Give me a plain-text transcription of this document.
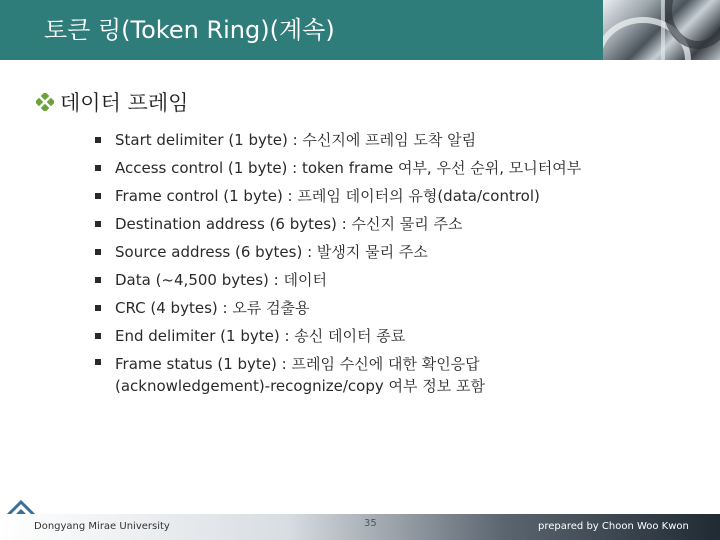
토큰 링(Token Ring)(계속)
데이터 프레임
Start delimiter (1 byte) : 수신지에 프레임 도착 알림
Access control (1 byte) : token frame 여부, 우선 순위, 모니터여부
Frame control (1 byte) : 프레임 데이터의 유형(data/control)
Destination address (6 bytes) : 수신지 물리 주소
Source address (6 bytes) : 발생지 물리 주소
Data (~4,500 bytes) : 데이터
CRC (4 bytes) : 오류 검출용
End delimiter (1 byte) : 송신 데이터 종료
Frame status (1 byte) : 프레임 수신에 대한 확인응답
(acknowledgement)-recognize/copy 여부 정보 포함
Dongyang Mirae University	35	prepared by Choon Woo Kwon
